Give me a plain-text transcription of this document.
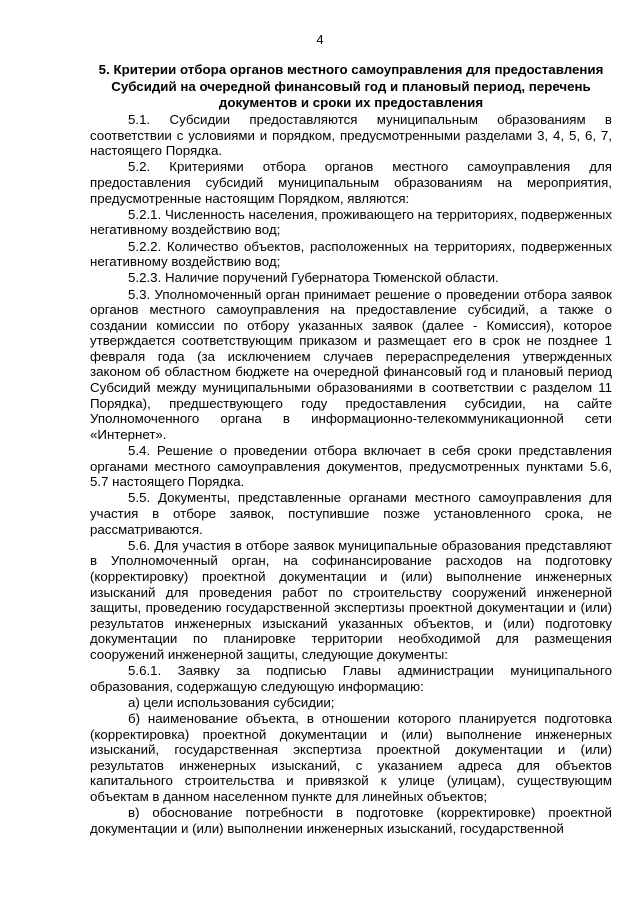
4

5. Критерии отбора органов местного самоуправления для предоставления Субсидий на очередной финансовый год и плановый период, перечень документов и сроки их предоставления

5.1. Субсидии предоставляются муниципальным образованиям в соответствии с условиями и порядком, предусмотренными разделами 3, 4, 5, 6, 7, настоящего Порядка.

5.2. Критериями отбора органов местного самоуправления для предоставления субсидий муниципальным образованиям на мероприятия, предусмотренные настоящим Порядком, являются:

5.2.1. Численность населения, проживающего на территориях, подверженных негативному воздействию вод;

5.2.2. Количество объектов, расположенных на территориях, подверженных негативному воздействию вод;

5.2.3. Наличие поручений Губернатора Тюменской области.

5.3. Уполномоченный орган принимает решение о проведении отбора заявок органов местного самоуправления на предоставление субсидий, а также о создании комиссии по отбору указанных заявок (далее - Комиссия), которое утверждается соответствующим приказом и размещает его в срок не позднее 1 февраля года (за исключением случаев перераспределения утвержденных законом об областном бюджете на очередной финансовый год и плановый период Субсидий между муниципальными образованиями в соответствии с разделом 11 Порядка), предшествующего году предоставления субсидии, на сайте Уполномоченного органа в информационно-телекоммуникационной сети «Интернет».

5.4. Решение о проведении отбора включает в себя сроки представления органами местного самоуправления документов, предусмотренных пунктами 5.6, 5.7 настоящего Порядка.

5.5. Документы, представленные органами местного самоуправления для участия в отборе заявок, поступившие позже установленного срока, не рассматриваются.

5.6. Для участия в отборе заявок муниципальные образования представляют в Уполномоченный орган, на софинансирование расходов на подготовку (корректировку) проектной документации и (или) выполнение инженерных изысканий для проведения работ по строительству сооружений инженерной защиты, проведению государственной экспертизы проектной документации и (или) результатов инженерных изысканий указанных объектов, и (или) подготовку документации по планировке территории необходимой для размещения сооружений инженерной защиты, следующие документы:

5.6.1. Заявку за подписью Главы администрации муниципального образования, содержащую следующую информацию:

а) цели использования субсидии;

б) наименование объекта, в отношении которого планируется подготовка (корректировка) проектной документации и (или) выполнение инженерных изысканий, государственная экспертиза проектной документации и (или) результатов инженерных изысканий, с указанием адреса для объектов капитального строительства и привязкой к улице (улицам), существующим объектам в данном населенном пункте для линейных объектов;

в) обоснование потребности в подготовке (корректировке) проектной документации и (или) выполнении инженерных изысканий, государственной
